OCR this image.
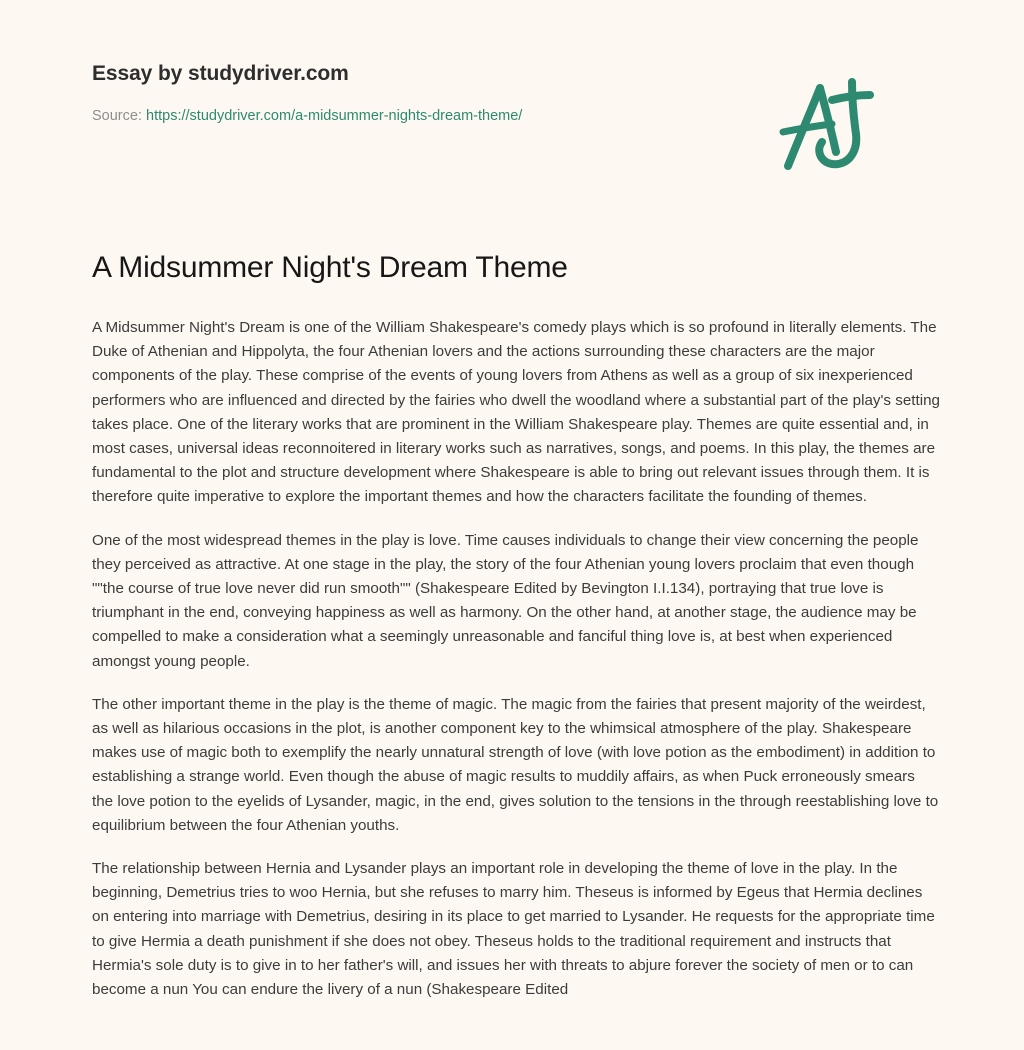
Essay by studydriver.com
Source: https://studydriver.com/a-midsummer-nights-dream-theme/
A Midsummer Night's Dream Theme

A Midsummer Night's Dream is one of the William Shakespeare's comedy plays which is so profound in literally elements. The Duke of Athenian and Hippolyta, the four Athenian lovers and the actions surrounding these characters are the major components of the play. These comprise of the events of young lovers from Athens as well as a group of six inexperienced performers who are influenced and directed by the fairies who dwell the woodland where a substantial part of the play's setting takes place. One of the literary works that are prominent in the William Shakespeare play. Themes are quite essential and, in most cases, universal ideas reconnoitered in literary works such as narratives, songs, and poems. In this play, the themes are fundamental to the plot and structure development where Shakespeare is able to bring out relevant issues through them. It is therefore quite imperative to explore the important themes and how the characters facilitate the founding of themes.

One of the most widespread themes in the play is love. Time causes individuals to change their view concerning the people they perceived as attractive. At one stage in the play, the story of the four Athenian young lovers proclaim that even though ""the course of true love never did run smooth"" (Shakespeare Edited by Bevington I.I.134), portraying that true love is triumphant in the end, conveying happiness as well as harmony. On the other hand, at another stage, the audience may be compelled to make a consideration what a seemingly unreasonable and fanciful thing love is, at best when experienced amongst young people.

The other important theme in the play is the theme of magic. The magic from the fairies that present majority of the weirdest, as well as hilarious occasions in the plot, is another component key to the whimsical atmosphere of the play. Shakespeare makes use of magic both to exemplify the nearly unnatural strength of love (with love potion as the embodiment) in addition to establishing a strange world. Even though the abuse of magic results to muddily affairs, as when Puck erroneously smears the love potion to the eyelids of Lysander, magic, in the end, gives solution to the tensions in the through reestablishing love to equilibrium between the four Athenian youths.

The relationship between Hernia and Lysander plays an important role in developing the theme of love in the play. In the beginning, Demetrius tries to woo Hernia, but she refuses to marry him. Theseus is informed by Egeus that Hermia declines on entering into marriage with Demetrius, desiring in its place to get married to Lysander. He requests for the appropriate time to give Hermia a death punishment if she does not obey. Theseus holds to the traditional requirement and instructs that Hermia's sole duty is to give in to her father's will, and issues her with threats to abjure forever the society of men or to can become a nun You can endure the livery of a nun (Shakespeare Edited
